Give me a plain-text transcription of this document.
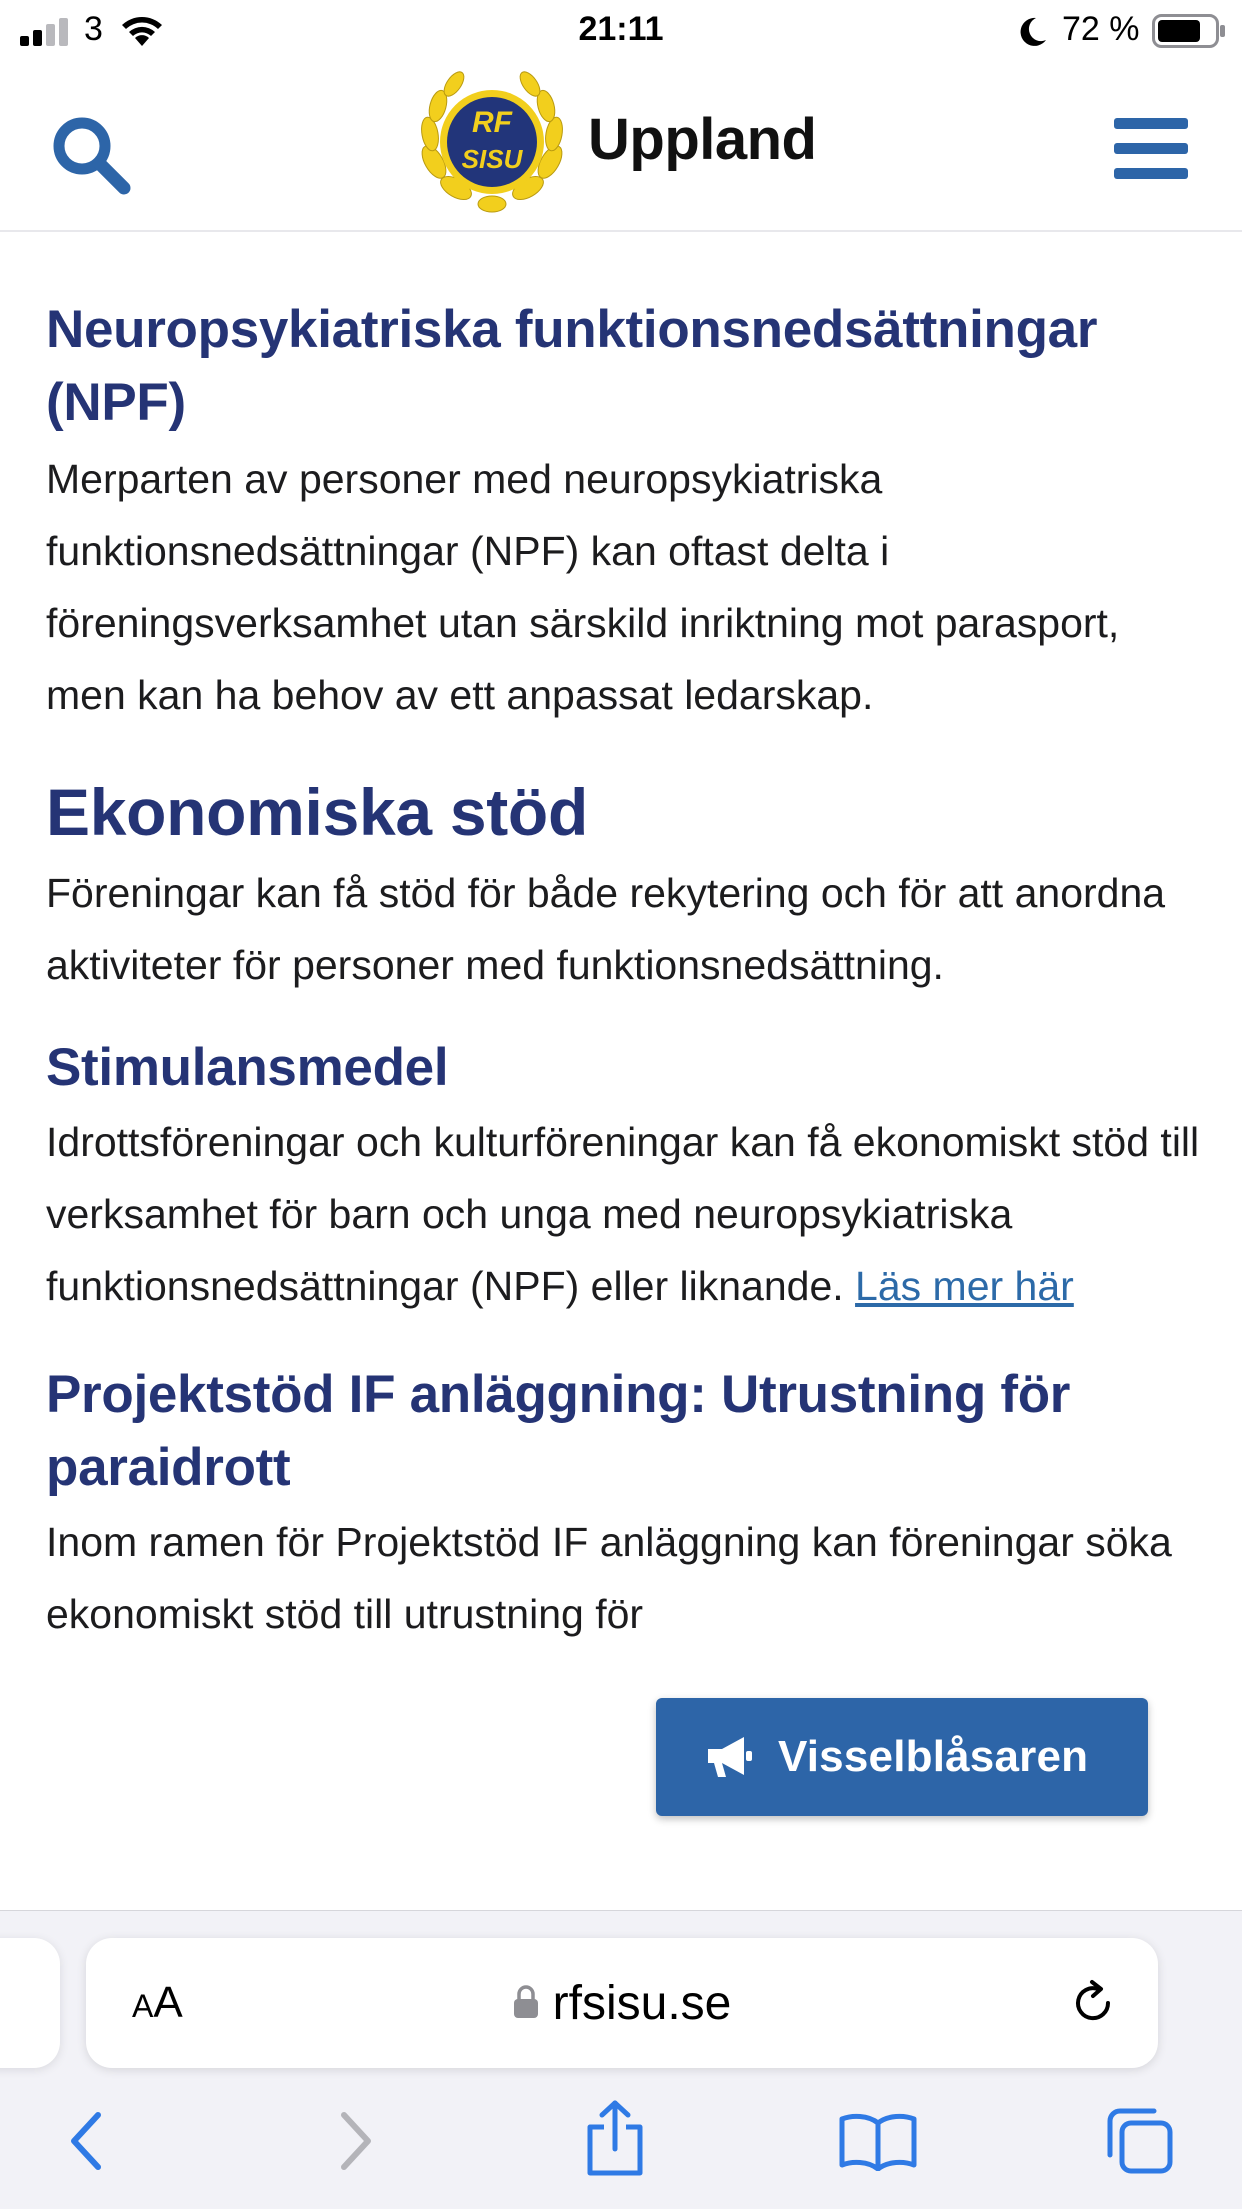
3	21:11	72 %
RF
SISU	Uppland
Neuropsykiatriska funktionsnedsättningar (NPF)

Merparten av personer med neuropsykiatriska funktionsnedsättningar (NPF) kan oftast delta i föreningsverksamhet utan särskild inriktning mot parasport, men kan ha behov av ett anpassat ledarskap.

Ekonomiska stöd

Föreningar kan få stöd för både rekytering och för att anordna aktiviteter för personer med funktionsnedsättning.

Stimulansmedel

Idrottsföreningar och kulturföreningar kan få ekonomiskt stöd till verksamhet för barn och unga med neuropsykiatriska funktionsnedsättningar (NPF) eller liknande. Läs mer här

Projektstöd IF anläggning: Utrustning för paraidrott

Inom ramen för Projektstöd IF anläggning kan föreningar söka ekonomiskt stöd till utrustning för

Visselblåsaren
AA	rfsisu.se
